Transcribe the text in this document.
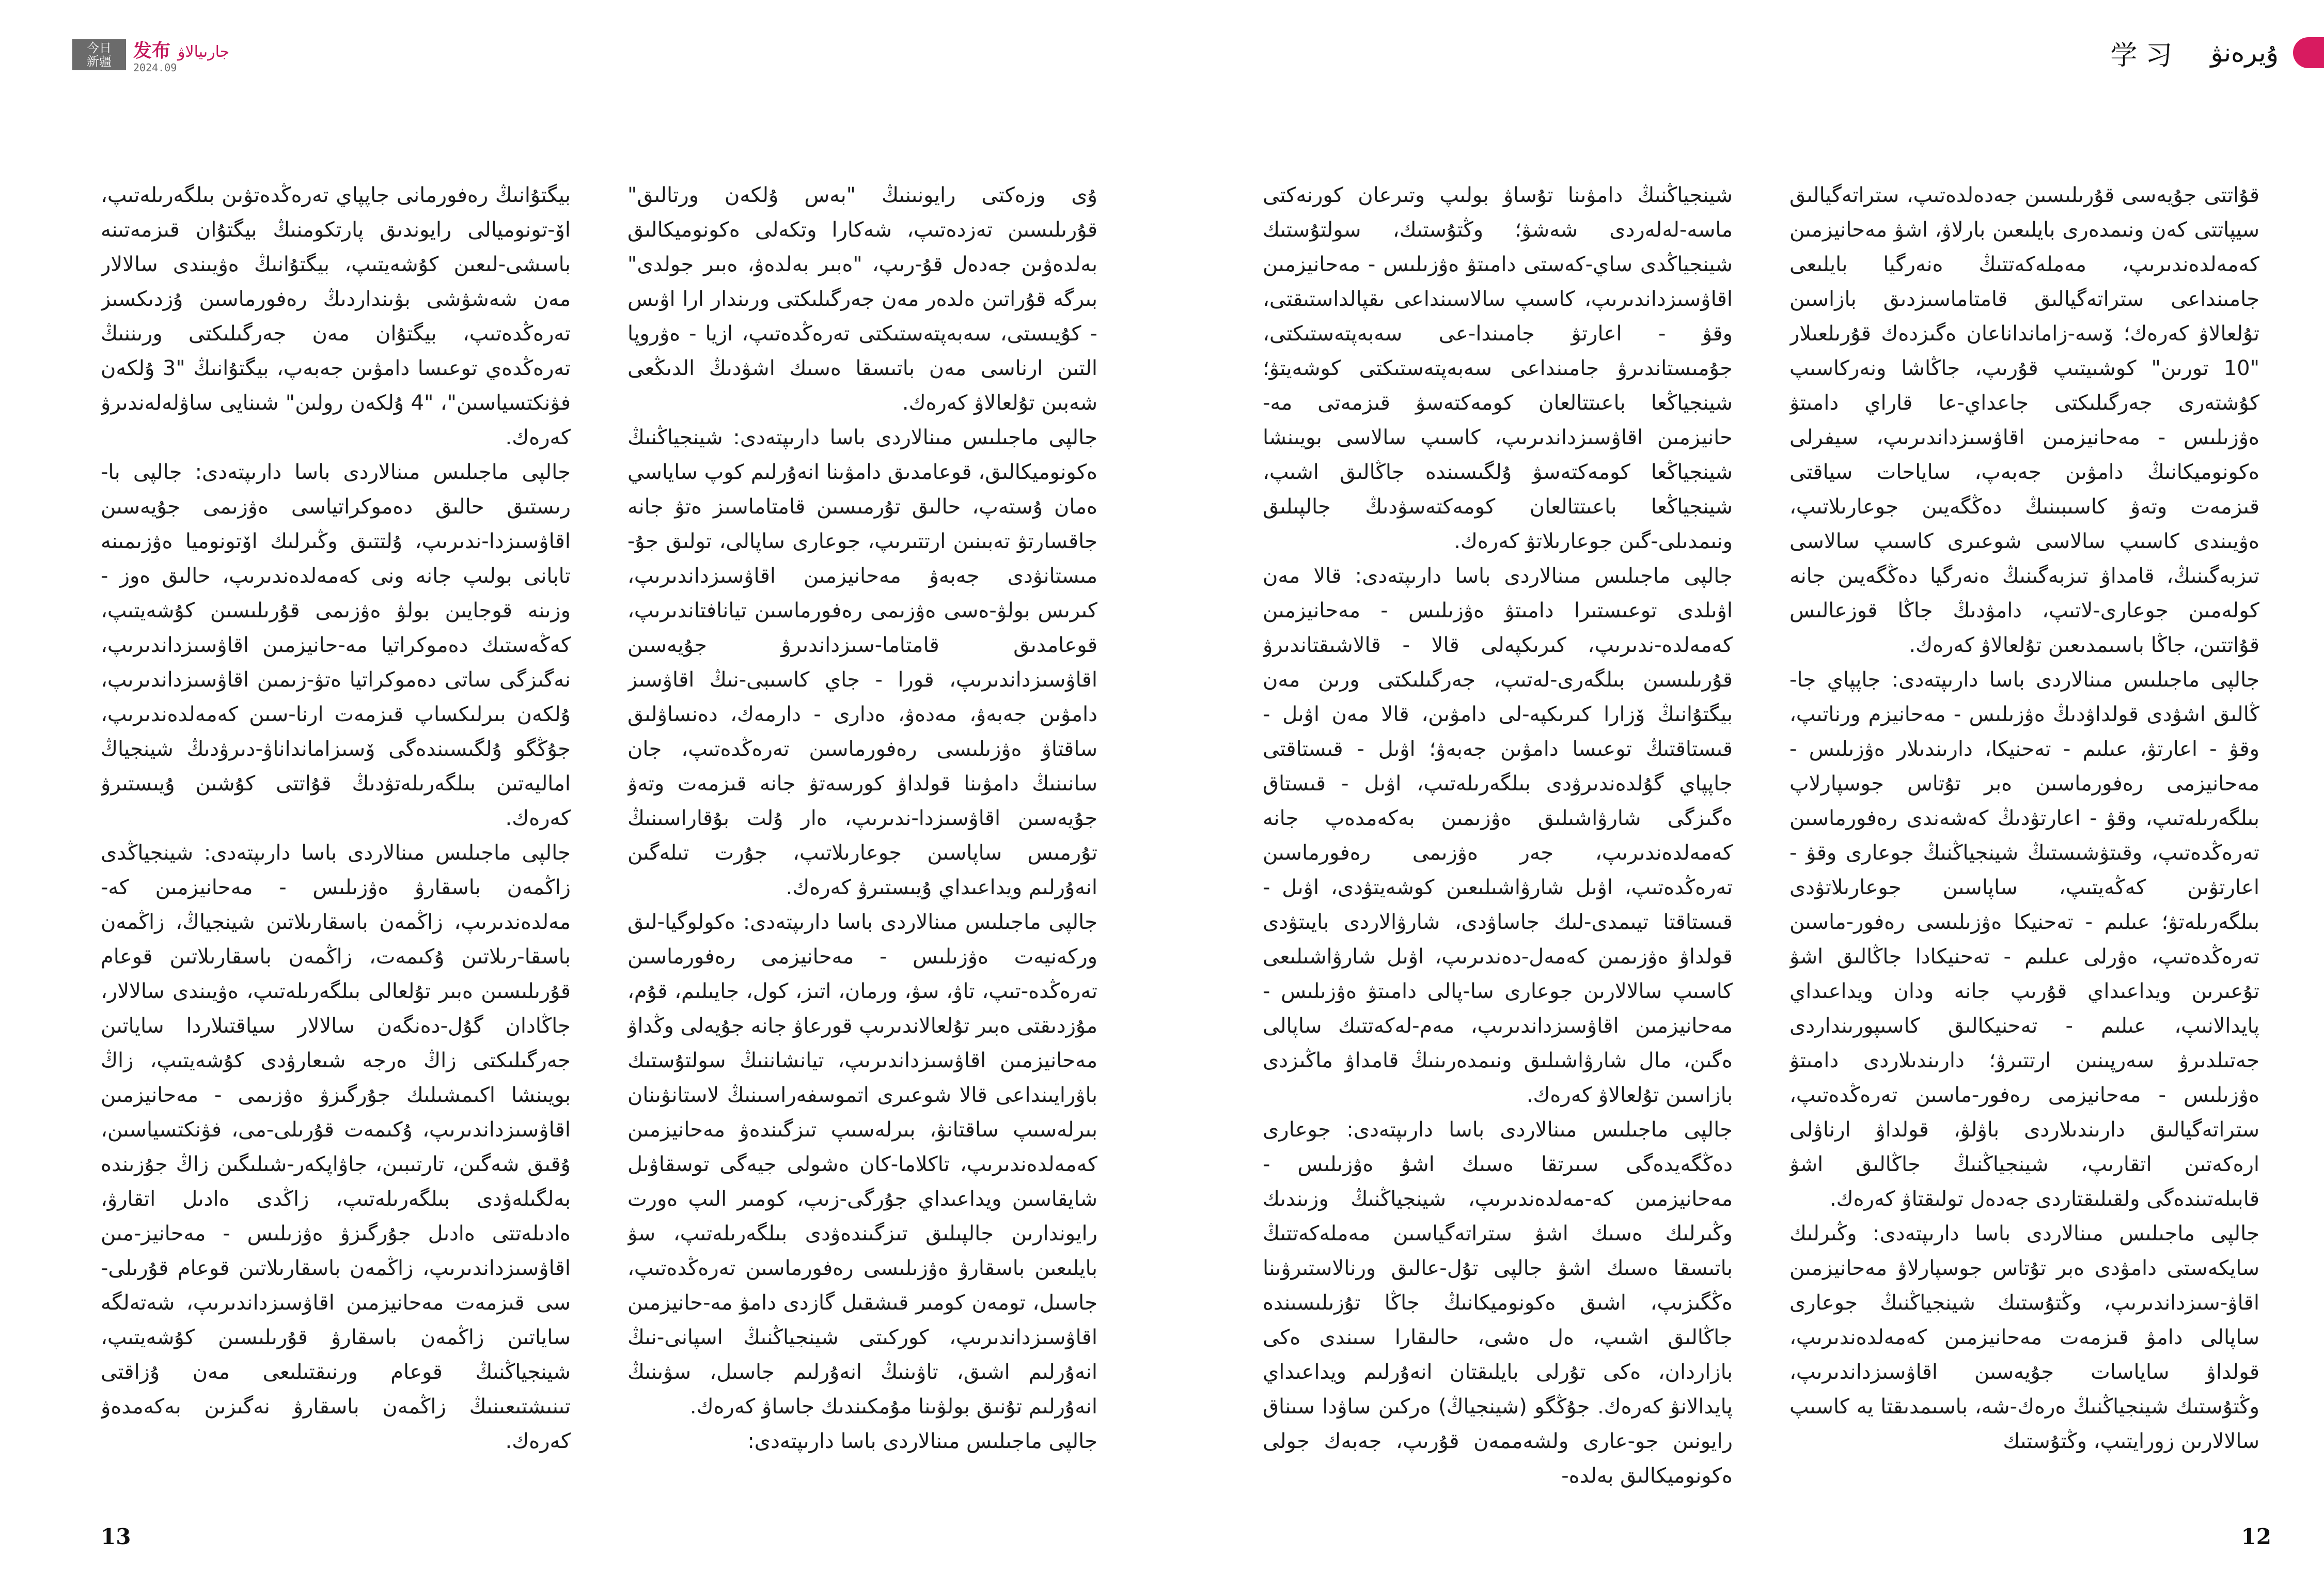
今日
新疆
发布 جارىيالاۋ
2024.09

ۇى وزەكتى رايونىنىڭ "بەس ۇلكەن ورتالىق" قۇرىلىسىن تەزدەتىپ، شەكارا وتكەلى ەكونوميكالىق بەلدەۋىن جەدەل قۇ-رىپ، "ەبىر بەلدەۋ، ەبىر جولدى" بىرگە قۇراتىن ەلدەر مەن جەرگىلىكتى ورىندار ارا اۋىس - كۇيىستى، سەبەپتەستىكتى تەرەڭدەتىپ، ازيا - ەۋروپا التىن ارناسى مەن باتىسقا ەسىك اشۋدىڭ الدىڭعى شەبىن تۇلعالاۋ كەرەك.

جالپى ماجىلىس مىنالاردى باسا دارىپتەدى: شينجياڭنىڭ ەكونوميكالىق، قوعامدىق دامۋىنا انەۇرلىم كوپ ساياسي ەمان ۇستەپ، حالىق تۇرمىسىن قامتاماسىز ەتۋ جانە جاقسارتۋ تەبىنىن ارتتىرىپ، جوعارى ساپالى، تولىق جۇ-مىستانۋدى جەبەۋ مەحانيزمىن اقاۋسىزداندىرىپ، كىرىس بولۋ-ەسى ەۋزىمى رەفورماسىن تيانافتاندىرىپ، قوعامدىق قامتاما-سىزداندىرۋ جۇيەسىن اقاۋسىزداندىرىپ، قورا - جاي كاسىبى-نىڭ اقاۋسىز دامۋىن جەبەۋ، مەدەۋ، ەدارى - دارمەك، دەنساۋلىق ساقتاۋ ەۋزىلىسى رەفورماسىن تەرەڭدەتىپ، جان سانىنىڭ دامۋىنا قولداۋ كورسەتۋ جانە قىزمەت وتەۋ جۇيەسىن اقاۋسىزدا-ندىرىپ، ەار ۇلت بۇقاراسىنىڭ تۇرمىس ساپاسىن جوعارىلاتىپ، جۇرت تىلەگىن انەۇرلىم ويداعىداي ۇيىستىرۋ كەرەك.

جالپى ماجىلىس مىنالاردى باسا دارىپتەدى: ەكولوگيا-لىق وركەنيەت ەۋزىلىس - مەحانيزمى رەفورماسىن تەرەڭدە-تىپ، تاۋ، سۋ، ورمان، اتىز، كول، جايىلىم، قۇم، مۇزدىقتى ەبىر تۇلعالاندىرىپ قورعاۋ جانە جۇيەلى وڭداۋ مەحانيزمىن اقاۋسىزداندىرىپ، تيانشاننىڭ سولتۇستىك باۋرايىنداعى قالا شوعىرى اتموسفەراسىنىڭ لاستانۋىنان بىرلەسىپ ساقتانۋ، بىرلەسىپ تىزگىندەۋ مەحانيزمىن كەمەلدەندىرىپ، تاكلاما-كان ەشولى جيەگى توسقاۋىل شايقاسىن ويداعىداي جۇرگى-زىپ، كومىر الىپ ەورت رايوندارىن جالپىلىق تىزگىندەۋدى بىلگەرىلەتىپ، سۋ بايلىعىن باسقارۋ ەۋزىلىسى رەفورماسىن تەرەڭدەتىپ، جاسىل، تومەن كومىر قىشقىل گازدى دامۋ مە-حانيزمىن اقاۋسىزداندىرىپ، كوركىتى شينجياڭنىڭ اسپانى-نىڭ انەۇرلىم اشىق، تاۋىنىڭ انەۇرلىم جاسىل، سۋىنىڭ انەۇرلىم تۇنىق بولۋىنا مۇمكىندىك جاساۋ كەرەك.

جالپى ماجىلىس مىنالاردى باسا دارىپتەدى:

بيگتۇانىڭ رەفورمانى جاپپاي تەرەڭدەتۋىن بىلگەرىلەتىپ، اۆ-تونوميالى رايوندىق پارتكومنىڭ بيگتۇان قىزمەتىنە باسشى-لىعىن كۇشەيتىپ، بيگتۇانىڭ ەۋيىندى سالالار مەن شەشۋشى بۋىنداردىڭ رەفورماسىن ۇزدىكسىز تەرەڭدەتىپ، بيگتۇان مەن جەرگىلىكتى ورىننىڭ تەرەڭدەي توعىسا دامۋىن جەبەپ، بيگتۇانىڭ "3 ۇلكەن فۋنكتسياسىن"، "4 ۇلكەن رولىن" شىنايى ساۋلەلەندىرۋ كەرەك.

جالپى ماجىلىس مىنالاردى باسا دارىپتەدى: جالپى با-رىستىق حالىق دەموكراتياسى ەۋزىمى جۇيەسىن اقاۋسىزدا-ندىرىپ، ۇلتتىق وڭىرلىك اۆتونوميا ەۋزىمىنە تابانى بولىپ جانە ونى كەمەلدەندىرىپ، حالىق ەوز - وزىنە قوجايىن بولۋ ەۋزىمى قۇرىلىسىن كۇشەيتىپ، كەڭەستىك دەموكراتيا مە-حانيزمىن اقاۋسىزداندىرىپ، نەگىزگى ساتى دەموكراتيا ەتۋ-زىمىن اقاۋسىزداندىرىپ، ۇلكەن بىرلىكساپ قىزمەت ارنا-سىن كەمەلدەندىرىپ، جۇڭگو ۇلگىسىندەگى ۆسىزامانداناۋ-دىرۋدىڭ شينجياڭ اماليەتىن بىلگەرىلەتۋدىڭ قۇاتتى كۇشىن ۇيىستىرۋ كەرەك.

جالپى ماجىلىس مىنالاردى باسا دارىپتەدى: شينجياڭدى زاڭمەن باسقارۋ ەۋزىلىس - مەحانيزمىن كە-مەلدەندىرىپ، زاڭمەن باسقارىلاتىن شينجياڭ، زاڭمەن باسقا-رىلاتىن ۇكىمەت، زاڭمەن باسقارىلاتىن قوعام قۇرىلىسىن ەبىر تۇلعالى بىلگەرىلەتىپ، ەۋيىندى سالالار، جاڭادان گۇل-دەنگەن سالالار سياقتىلاردا ساياتىن جەرگىلىكتى زاڭ ەرجە شىعارۋدى كۇشەيتىپ، زاڭ بويىنشا اكىمشىلىك جۇرگىزۋ ەۋزىمى - مەحانيزمىن اقاۋسىزداندىرىپ، ۇكىمەت قۇرىلى-مى، فۋنكتسياسىن، ۇقىق شەگىن، تارتىبىن، جاۋاپكەر-شىلىگىن زاڭ جۇزىندە بەلگىلەۋدى بىلگەرىلەتىپ، زاڭدى ەادىل اتقارۋ، ەادىلەتتى ەادىل جۇرگىزۋ ەۋزىلىس - مەحانيز-مىن اقاۋسىزداندىرىپ، زاڭمەن باسقارىلاتىن قوعام قۇرىلى-سى قىزمەت مەحانيزمىن اقاۋسىزداندىرىپ، شەتەلگە ساياتىن زاڭمەن باسقارۋ قۇرىلىسىن كۇشەيتىپ، شينجياڭنىڭ قوعام ورنىقتىلىعى مەن ۇزاقتى تىنىشتىعىنىڭ زاڭمەن باسقارۋ نەگىزىن بەكەمدەۋ كەرەك.

13
学习 ۇيرەنۋ

قۇاتتى جۇيەسى قۇرىلىسىن جەدەلدەتىپ، ستراتەگيالىق سيپاتتى كەن ونىمدەرى بايلىعىن بارلاۋ، اشۋ مەحانيزمىن كەمەلدەندىرىپ، مەملەكەتتىڭ ەنەرگيا بايلىعى جامىنداعى ستراتەگيالىق قامتاماسىزدىق بازاسىن تۇلعالاۋ كەرەك؛ ۆسە-زامانداناعان ەگىزدەك قۇرىلعىلار "10 تورىن" كوشىيتىپ قۇرىپ، جاڭاشا ونەركاسىپ كۇشتەرى جەرگىلىكتى جاعداي-عا قاراي دامىتۋ ەۋزىلىس - مەحانيزمىن اقاۋسىزداندىرىپ، سيفرلى ەكونوميكانىڭ دامۋىن جەبەپ، ساياحات سياقتى قىزمەت وتەۋ كاسىبىنىڭ دەڭگەيىن جوعارىلاتىپ، ەۋيىندى كاسىپ سالاسى شوعىرى كاسىپ سالاسى تىزبەگىنىڭ، قامداۋ تىزبەگىنىڭ ەنەرگيا دەڭگەيىن جانە كولەمىن جوعارى-لاتىپ، دامۋدىڭ جاڭا قوزعالىس قۇاتتىن، جاڭا باسىمدىعىن تۇلعالاۋ كەرەك.

جالپى ماجىلىس مىنالاردى باسا دارىپتەدى: جاپپاي جا-ڭالىق اشۋدى قولداۋدىڭ ەۋزىلىس - مەحانيزم ورناتىپ، وقۋ - اعارتۋ، عىلىم - تەحنيكا، دارىندىلار ەۋزىلىس - مەحانيزمى رەفورماسىن ەبر تۇتاس جوسپارلاپ بىلگەرىلەتىپ، وقۋ - اعارتۋدىڭ كەشەندى رەفورماسىن تەرەڭدەتىپ، وقىتۋشىستىڭ شينجياڭنىڭ جوعارى وقۋ - اعارتۋىن كەڭەيتىپ، ساپاسىن جوعارىلاتۋدى بىلگەرىلەتۋ؛ عىلىم - تەحنيكا ەۋزىلىسى رەفور-ماسىن تەرەڭدەتىپ، ەۋرلى عىلىم - تەحنيكادا جاڭالىق اشۋ تۇعىرىن ويداعىداي قۇرىپ جانە ودان ويداعىداي پايدالانىپ، عىلىم - تەحنيكالىق كاسىپورىنداردى جەتىلدىرۋ سەرپىنىن ارتتىرۋ؛ دارىندىلاردى دامىتۋ ەۋزىلىس - مەحانيزمى رەفور-ماسىن تەرەڭدەتىپ، ستراتەگيالىق دارىندىلاردى باۋلۋ، قولداۋ ارناۋلى ارەكەتىن اتقارىپ، شينجياڭنىڭ جاڭالىق اشۋ قابىلەتىندەگى ولقىلىقتاردى جەدەل تولىقتاۋ كەرەك.

جالپى ماجىلىس مىنالاردى باسا دارىپتەدى: وڭىرلىك سايكەستى دامۋدى ەبر تۇتاس جوسپارلاۋ مەحانيزمىن اقاۋ-سىزداندىرىپ، وڭتۇستىك شينجياڭنىڭ جوعارى ساپالى دامۋ قىزمەت مەحانيزمىن كەمەلدەندىرىپ، قولداۋ ساياسات جۇيەسىن اقاۋسىزداندىرىپ، وڭتۇستىك شينجياڭنىڭ ەرەك-شە، باسىمدىقتا يە كاسىپ سالالارىن زورايتىپ، وڭتۇستىك

شينجياڭنىڭ دامۋىنا تۇساۋ بولىپ وتىرعان كورنەكتى ماسە-لەلەردى شەشۋ؛ وڭتۇستىك، سولتۇستىك شينجياڭدى ساي-كەستى دامىتۋ ەۋزىلىس - مەحانيزمىن اقاۋسىزداندىرىپ، كاسىپ سالاسىنداعى ىقپالداستىقتى، وقۋ - اعارتۋ جامىندا-عى سەبەپتەستىكتى، جۇمىستاندىرۋ جامىنداعى سەبەپتەستىكتى كوشەيتۋ؛ شينجياڭعا باعىتتالعان كومەكتەسۋ قىزمەتى مە-حانيزمىن اقاۋسىزداندىرىپ، كاسىپ سالاسى بويىنشا شينجياڭعا كومەكتەسۋ ۇلگىسىندە جاڭالىق اشىپ، شينجياڭعا باعىتتالعان كومەكتەسۋدىڭ جالپىلىق ونىمدىلى-گىن جوعارىلاتۋ كەرەك.

جالپى ماجىلىس مىنالاردى باسا دارىپتەدى: قالا مەن اۋىلدى توعىستىرا دامىتۋ ەۋزىلىس - مەحانيزمىن كەمەلدە-ندىرىپ، كىرىكپەلى قالا - قالاشىقتاندىرۋ قۇرىلىسىن بىلگەرى-لەتىپ، جەرگىلىكتى ورىن مەن بيگتۇانىڭ ۆزارا كىرىكپە-لى دامۋىن، قالا مەن اۋىل - قىستاقتىڭ توعىسا دامۋىن جەبەۋ؛ اۋىل - قىستاقتى جاپپاي گۇلدەندىرۋدى بىلگەرىلەتىپ، اۋىل - قىستاق ەگىزگى شارۋاشىلىق ەۋزىمىن بەكەمدەپ جانە كەمەلدەندىرىپ، جەر ەۋزىمى رەفورماسىن تەرەڭدەتىپ، اۋىل شارۋاشىلىعىن كوشەيتۋدى، اۋىل - قىستاقتا تيىمدى-لىك جاساۋدى، شارۋالاردى بايىتۋدى قولداۋ ەۋزىمىن كەمەل-دەندىرىپ، اۋىل شارۋاشىلىعى كاسىپ سالالارىن جوعارى سا-پالى دامىتۋ ەۋزىلىس - مەحانيزمىن اقاۋسىزداندىرىپ، مەم-لەكەتتىك ساپالى ەگىن، مال شارۋاشىلىق ونىمدەرىنىڭ قامداۋ ماڭىزدى بازاسىن تۇلعالاۋ كەرەك.

جالپى ماجىلىس مىنالاردى باسا دارىپتەدى: جوعارى دەڭگەيدەگى سىرتقا ەسىك اشۋ ەۋزىلىس - مەحانيزمىن كە-مەلدەندىرىپ، شينجياڭنىڭ وزىندىك وڭىرلىك ەسىك اشۋ ستراتەگياسىن مەملەكەتتىڭ باتىسقا ەسىك اشۋ جالپى تۇل-عالىق ورنالاستىرۋىنا ەڭگىزىپ، اشىق ەكونوميكانىڭ جاڭا تۇزىلىسىندە جاڭالىق اشىپ، ەل ەشى، حالىقارا سىندى ەكى بازاردان، ەكى تۇرلى بايلىقتان انەۇرلىم ويداعىداي پايدالانۋ كەرەك. جۇڭگو (شينجياڭ) ەركىن ساۋدا سىناق رايونىن جو-عارى ولشەممەن قۇرىپ، جەبەك جولى ەكونوميكالىق بەلدە-

12
